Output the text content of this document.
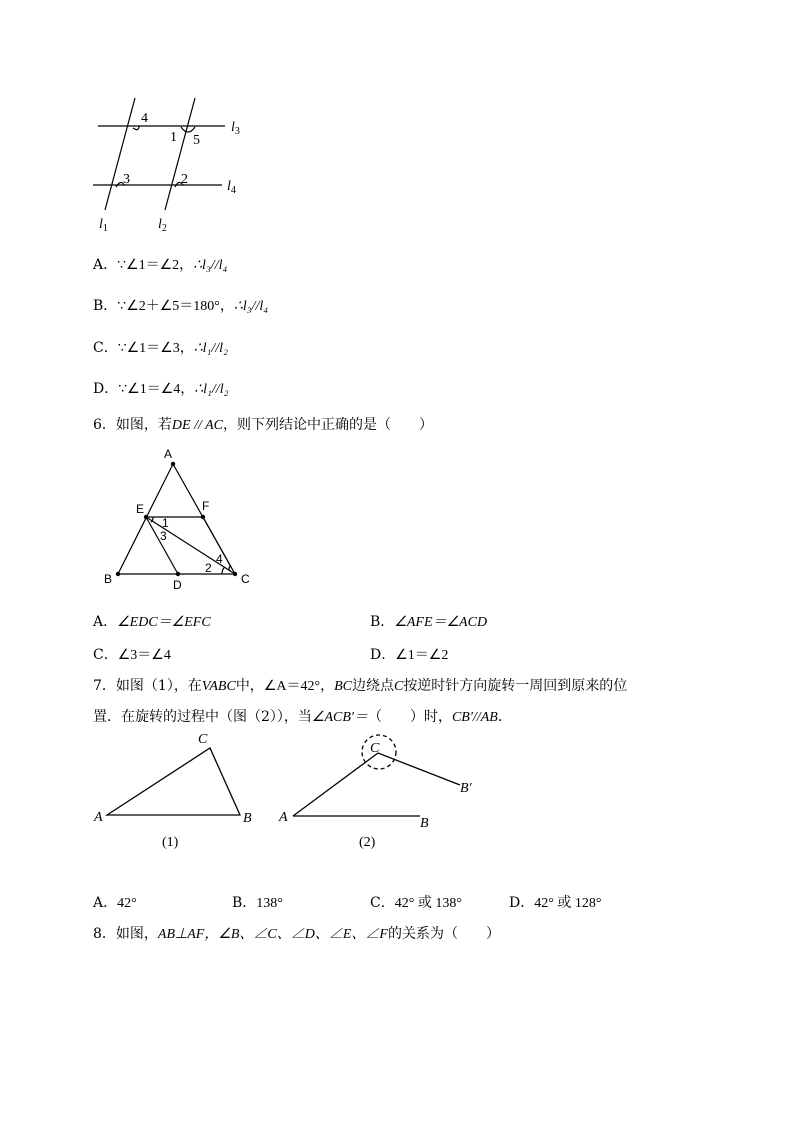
4
1 5
3	2
$l_3$
$l_4$
$l_1$	$l_2$
A．∵∠1＝∠2，∴l₃//l₄
B．∵∠2＋∠5＝180°，∴l₃//l₄
C．∵∠1＝∠3，∴l₁//l₂
D．∵∠1＝∠4，∴l₁//l₂
6．如图，若DE // AC，则下列结论中正确的是（　　）
A
E	F
B	D	C
1
3
4
2
A．∠EDC＝∠EFC	B．∠AFE＝∠ACD
C．∠3＝∠4	D．∠1＝∠2
7．如图（1），在VABC中，∠A＝42°，BC边绕点C按逆时针方向旋转一周回到原来的位
置．在旋转的过程中（图（2）），当∠ACB′＝（　　）时，CB′//AB．
C
A	B
(1)
C
A	B
B′
(2)
A．42°	B．138°	C．42° 或 138°	D．42° 或 128°
8．如图，AB⊥AF，∠B、∠C、∠D、∠E、∠F的关系为（　　）
